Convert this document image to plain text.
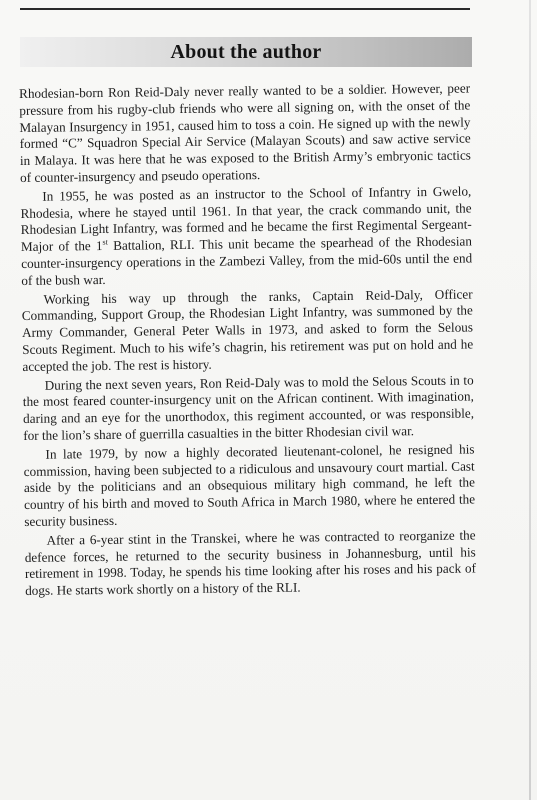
About the author

Rhodesian-born Ron Reid-Daly never really wanted to be a soldier. However, peer pressure from his rugby-club friends who were all signing on, with the onset of the Malayan Insurgency in 1951, caused him to toss a coin. He signed up with the newly formed “C” Squadron Special Air Service (Malayan Scouts) and saw active service in Malaya. It was here that he was exposed to the British Army’s embryonic tactics of counter-insurgency and pseudo operations.

In 1955, he was posted as an instructor to the School of Infantry in Gwelo, Rhodesia, where he stayed until 1961. In that year, the crack commando unit, the Rhodesian Light Infantry, was formed and he became the first Regimental Sergeant-Major of the 1st Battalion, RLI. This unit became the spearhead of the Rhodesian counter-insurgency operations in the Zambezi Valley, from the mid-60s until the end of the bush war.

Working his way up through the ranks, Captain Reid-Daly, Officer Commanding, Support Group, the Rhodesian Light Infantry, was summoned by the Army Commander, General Peter Walls in 1973, and asked to form the Selous Scouts Regiment. Much to his wife’s chagrin, his retirement was put on hold and he accepted the job. The rest is history.

During the next seven years, Ron Reid-Daly was to mold the Selous Scouts in to the most feared counter-insurgency unit on the African continent. With imagination, daring and an eye for the unorthodox, this regiment accounted, or was responsible, for the lion’s share of guerrilla casualties in the bitter Rhodesian civil war.

In late 1979, by now a highly decorated lieutenant-colonel, he resigned his commission, having been subjected to a ridiculous and unsavoury court martial. Cast aside by the politicians and an obsequious military high command, he left the country of his birth and moved to South Africa in March 1980, where he entered the security business.

After a 6-year stint in the Transkei, where he was contracted to reorganize the defence forces, he returned to the security business in Johannesburg, until his retirement in 1998. Today, he spends his time looking after his roses and his pack of dogs. He starts work shortly on a history of the RLI.
